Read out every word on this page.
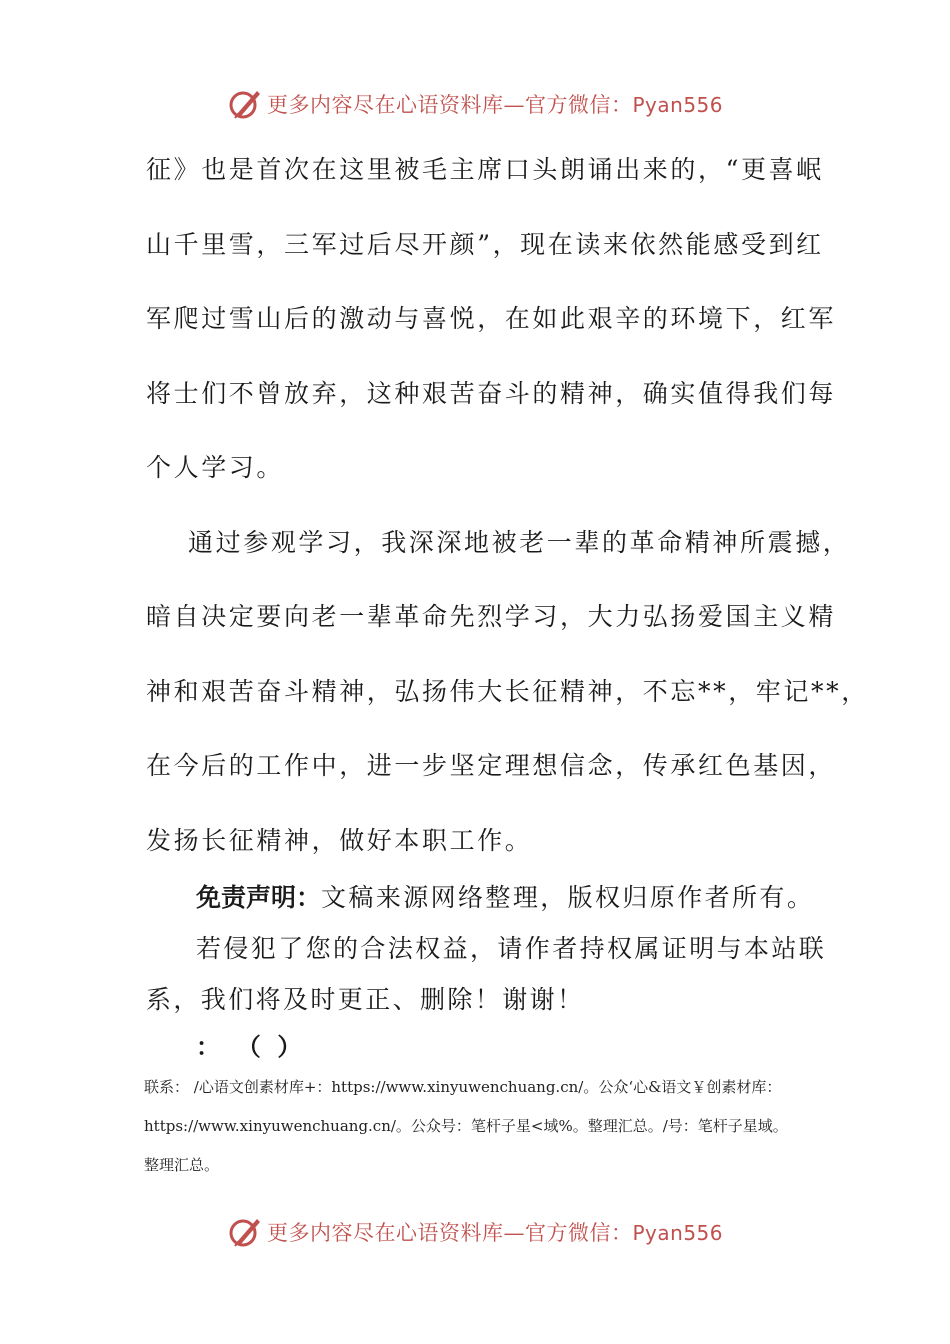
更多内容尽在心语资料库—官方微信：Pyan556
征》也是首次在这里被毛主席口头朗诵出来的，“更喜岷
山千里雪，三军过后尽开颜”，现在读来依然能感受到红
军爬过雪山后的激动与喜悦，在如此艰辛的环境下，红军
将士们不曾放弃，这种艰苦奋斗的精神，确实值得我们每
个人学习。
通过参观学习，我深深地被老一辈的革命精神所震撼，
暗自决定要向老一辈革命先烈学习，大力弘扬爱国主义精
神和艰苦奋斗精神，弘扬伟大长征精神，不忘**，牢记**，
在今后的工作中，进一步坚定理想信念，传承红色基因，
发扬长征精神，做好本职工作。
免责声明：文稿来源网络整理，版权归原作者所有。
若侵犯了您的合法权益，请作者持权属证明与本站联
系，我们将及时更正、删除！谢谢！
：  （  ）
联系： /心语文创素材库+：https://www.xinyuwenchuang.cn/。公众‘心&语文￥创素材库：
https://www.xinyuwenchuang.cn/。公众号：笔杆子星<域%。整理汇总。/号：笔杆子星域。
整理汇总。
更多内容尽在心语资料库—官方微信：Pyan556
